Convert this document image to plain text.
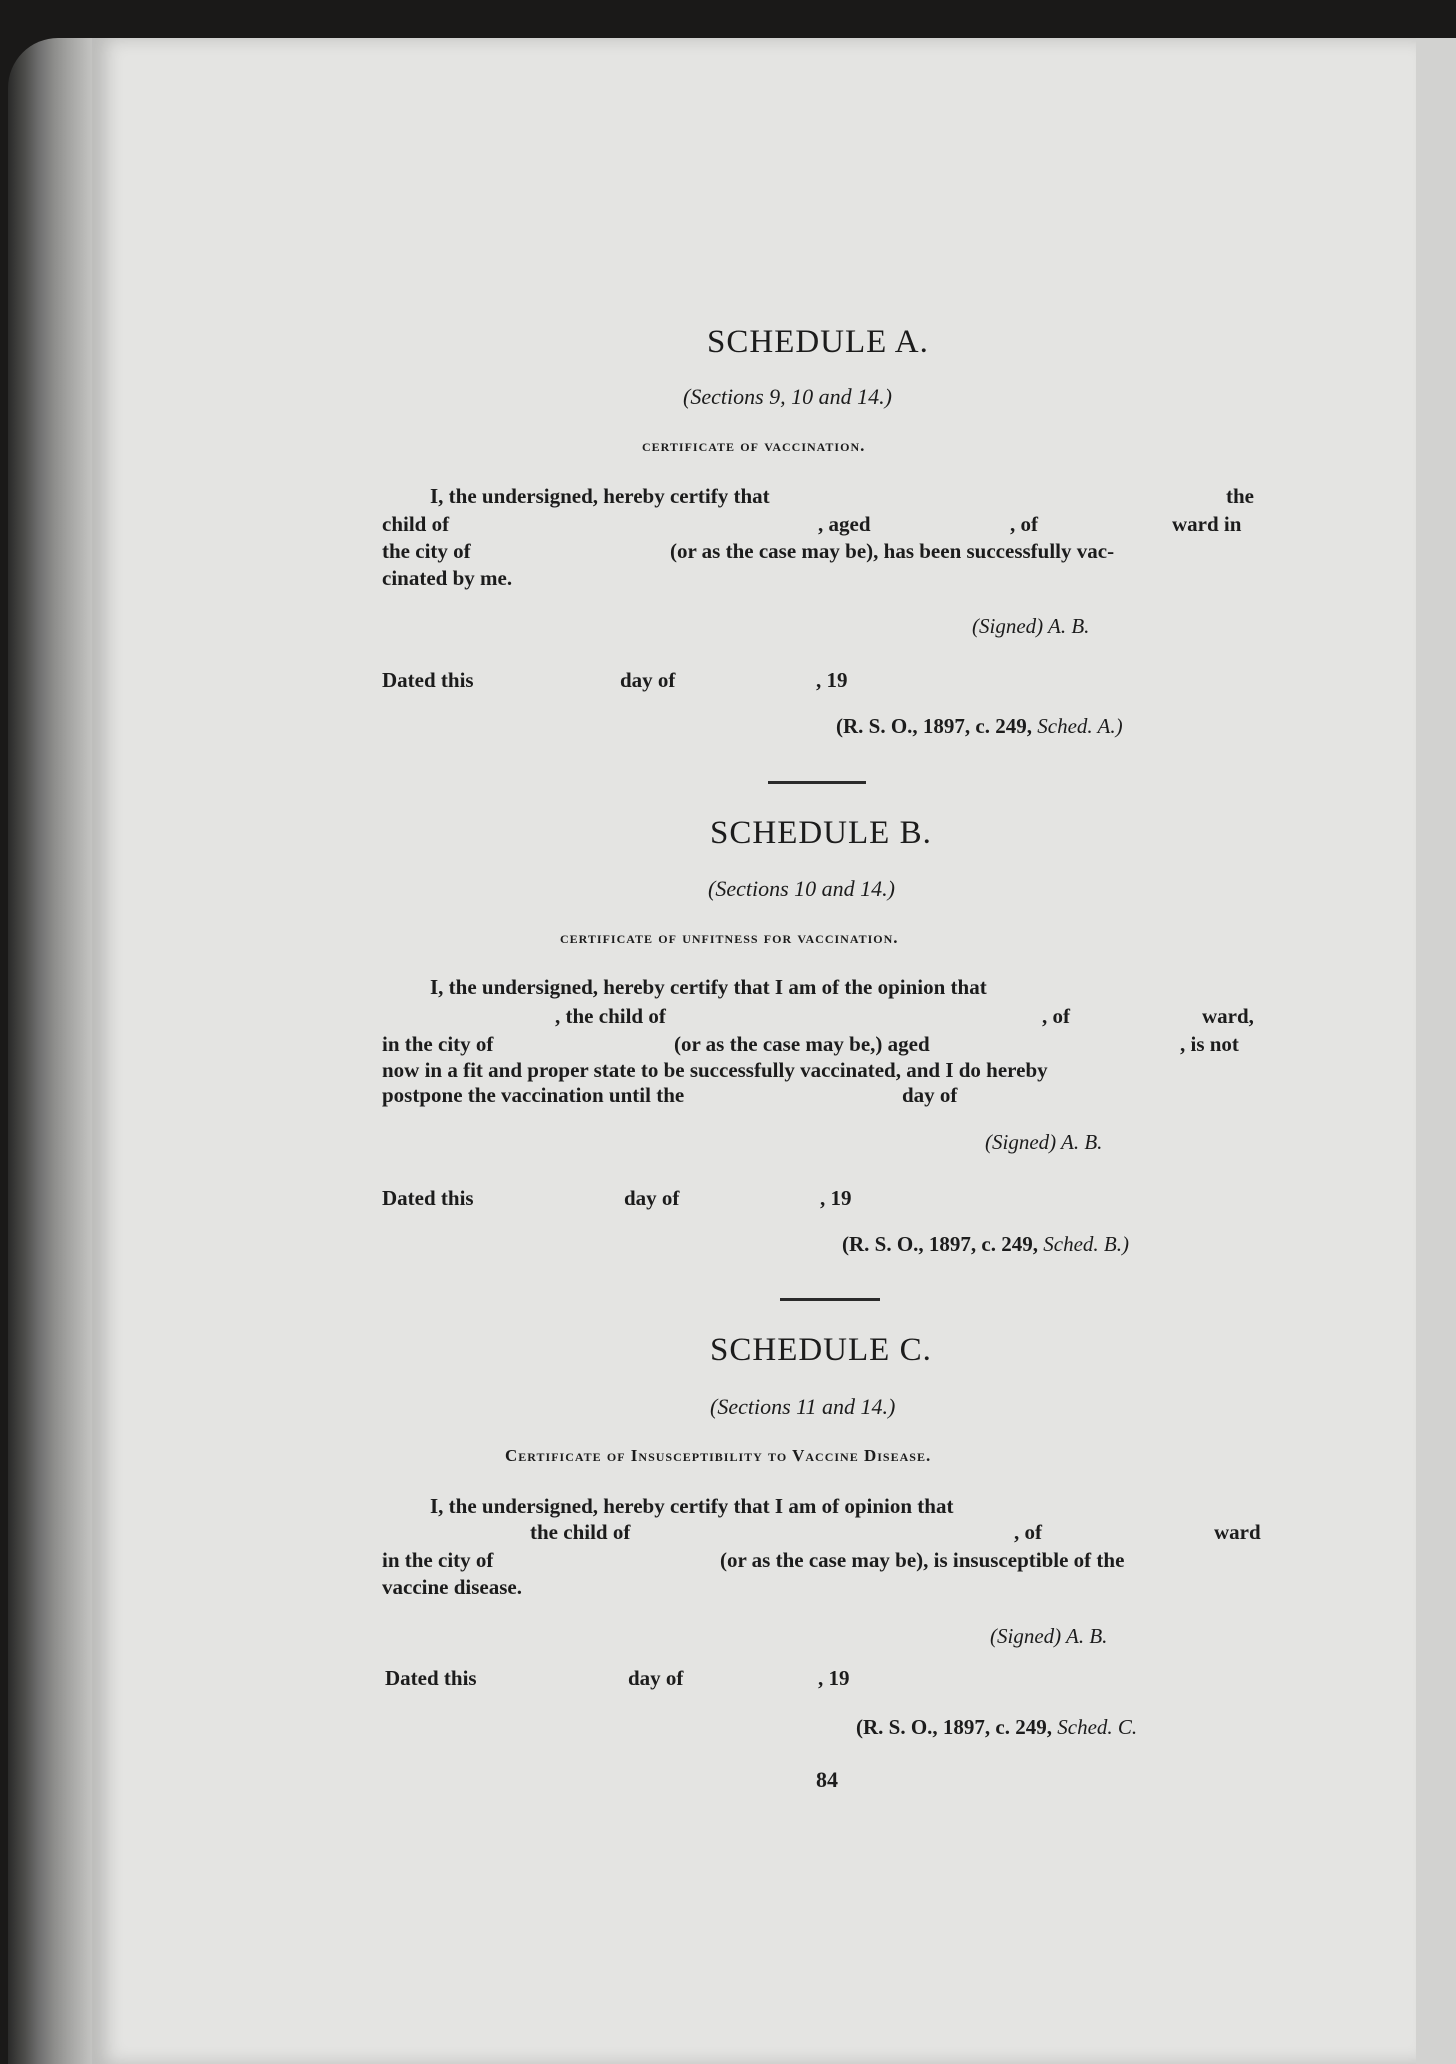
SCHEDULE A.
(Sections 9, 10 and 14.)
certificate of vaccination.
I, the undersigned, hereby certify that	the
child of	, aged	, of	ward in
the city of	(or as the case may be), has been successfully vac-
cinated by me.
(Signed) A. B.
Dated this	day of	, 19
(R. S. O., 1897, c. 249, Sched. A.)
SCHEDULE B.
(Sections 10 and 14.)
certificate of unfitness for vaccination.
I, the undersigned, hereby certify that I am of the opinion that
, the child of	, of	ward,
in the city of	(or as the case may be,) aged	, is not
now in a fit and proper state to be successfully vaccinated, and I do hereby
postpone the vaccination until the	day of
(Signed) A. B.
Dated this	day of	, 19
(R. S. O., 1897, c. 249, Sched. B.)
SCHEDULE C.
(Sections 11 and 14.)
Certificate of Insusceptibility to Vaccine Disease.
I, the undersigned, hereby certify that I am of opinion that
the child of	, of	ward
in the city of	(or as the case may be), is insusceptible of the
vaccine disease.
(Signed) A. B.
Dated this	day of	, 19
(R. S. O., 1897, c. 249, Sched. C.
84
